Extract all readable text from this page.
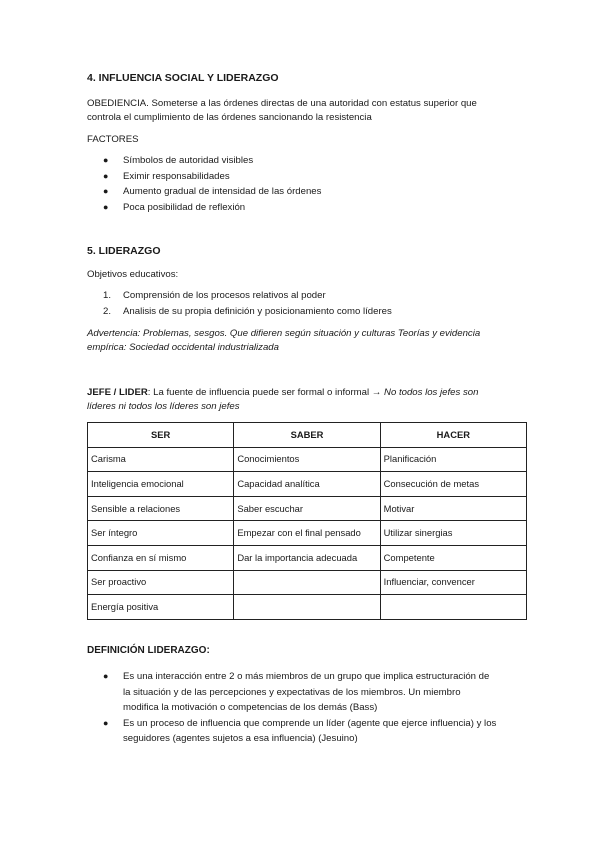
4. INFLUENCIA SOCIAL Y LIDERAZGO

OBEDIENCIA. Someterse a las órdenes directas de una autoridad con estatus superior que

controla el cumplimiento de las órdenes sancionando la resistencia

FACTORES

● Símbolos de autoridad visibles
● Eximir responsabilidades
● Aumento gradual de intensidad de las órdenes
● Poca posibilidad de reflexión
5. LIDERAZGO

Objetivos educativos:

1. Comprensión de los procesos relativos al poder
2. Analisis de su propia definición y posicionamiento como líderes

Advertencia: Problemas, sesgos. Que difieren según situación y culturas Teorías y evidencia

empírica: Sociedad occidental industrializada

JEFE / LIDER: La fuente de influencia puede ser formal o informal → No todos los jefes son

líderes ni todos los líderes son jefes

SER	SABER	HACER
Carisma	Conocimientos	Planificación
Inteligencia emocional	Capacidad analítica	Consecución de metas
Sensible a relaciones	Saber escuchar	Motivar
Ser íntegro	Empezar con el final pensado	Utilizar sinergias
Confianza en sí mismo	Dar la importancia adecuada	Competente
Ser proactivo		Influenciar, convencer
Energía positiva		
DEFINICIÓN LIDERAZGO:
● Es una interacción entre 2 o más miembros de un grupo que implica estructuración de
la situación y de las percepciones y expectativas de los miembros. Un miembro
modifica la motivación o competencias de los demás (Bass)
● Es un proceso de influencia que comprende un líder (agente que ejerce influencia) y los
seguidores (agentes sujetos a esa influencia) (Jesuino)
